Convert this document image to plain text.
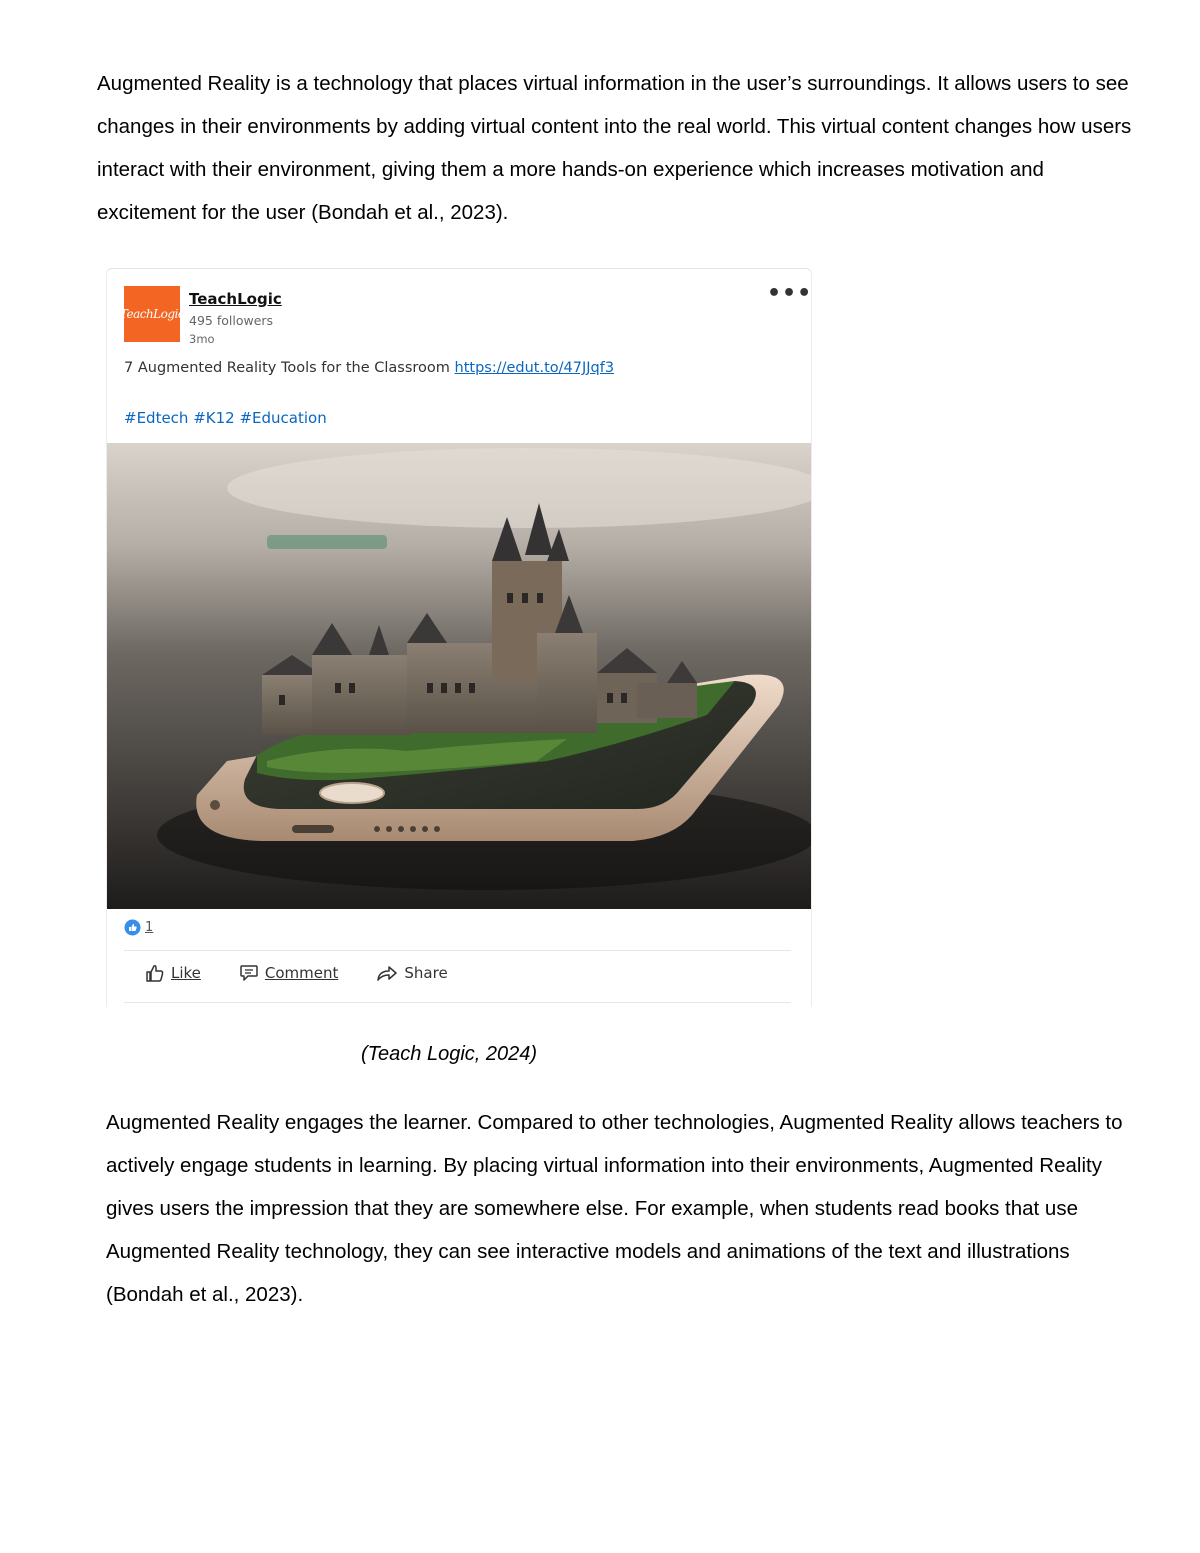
Augmented Reality is a technology that places virtual information in the user’s surroundings. It allows users to see changes in their environments by adding virtual content into the real world. This virtual content changes how users interact with their environment, giving them a more hands-on experience which increases motivation and excitement for the user (Bondah et al., 2023).

TeachLogic
TeachLogic
495 followers
3mo
•••
7 Augmented Reality Tools for the Classroom https://edut.to/47JJqf3
#Edtech #K12 #Education
1
Like	Comment	Share
(Teach Logic, 2024)

Augmented Reality engages the learner. Compared to other technologies, Augmented Reality allows teachers to actively engage students in learning. By placing virtual information into their environments, Augmented Reality gives users the impression that they are somewhere else. For example, when students read books that use Augmented Reality technology, they can see interactive models and animations of the text and illustrations (Bondah et al., 2023).
